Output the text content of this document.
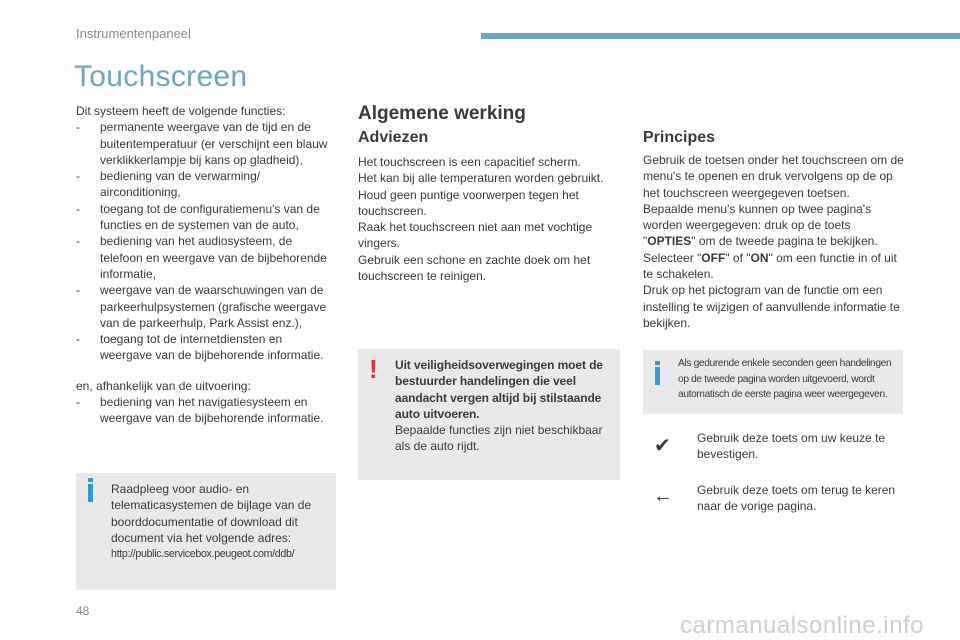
Instrumentenpaneel
Touchscreen

Dit systeem heeft de volgende functies:

- permanente weergave van de tijd en de buitentemperatuur (er verschijnt een blauw verklikkerlampje bij kans op gladheid),
- bediening van de verwarming/ airconditioning,
- toegang tot de configuratiemenu's van de functies en de systemen van de auto,
- bediening van het audiosysteem, de telefoon en weergave van de bijbehorende informatie,
- weergave van de waarschuwingen van de parkeerhulpsystemen (grafische weergave van de parkeerhulp, Park Assist enz.),
- toegang tot de internetdiensten en weergave van de bijbehorende informatie.

en, afhankelijk van de uitvoering:

- bediening van het navigatiesysteem en weergave van de bijbehorende informatie.

Raadpleeg voor audio- en telematicasystemen de bijlage van de boorddocumentatie of download dit document via het volgende adres:

http://public.servicebox.peugeot.com/ddb/

Algemene werking
Adviezen

Het touchscreen is een capacitief scherm.

Het kan bij alle temperaturen worden gebruikt.

Houd geen puntige voorwerpen tegen het touchscreen.

Raak het touchscreen niet aan met vochtige vingers.

Gebruik een schone en zachte doek om het touchscreen te reinigen.

! Uit veiligheidsoverwegingen moet de bestuurder handelingen die veel aandacht vergen altijd bij stilstaande auto uitvoeren.

Bepaalde functies zijn niet beschikbaar als de auto rijdt.

Principes

Gebruik de toetsen onder het touchscreen om de menu's te openen en druk vervolgens op de op het touchscreen weergegeven toetsen.

Bepaalde menu's kunnen op twee pagina's worden weergegeven: druk op de toets

"OPTIES" om de tweede pagina te bekijken.

Selecteer "OFF" of "ON" om een functie in of uit te schakelen.

Druk op het pictogram van de functie om een instelling te wijzigen of aanvullende informatie te bekijken.

Als gedurende enkele seconden geen handelingen op de tweede pagina worden uitgevoerd, wordt automatisch de eerste pagina weer weergegeven.
✔ Gebruik deze toets om uw keuze te bevestigen.
← Gebruik deze toets om terug te keren naar de vorige pagina.
48
carmanualsonline.info
